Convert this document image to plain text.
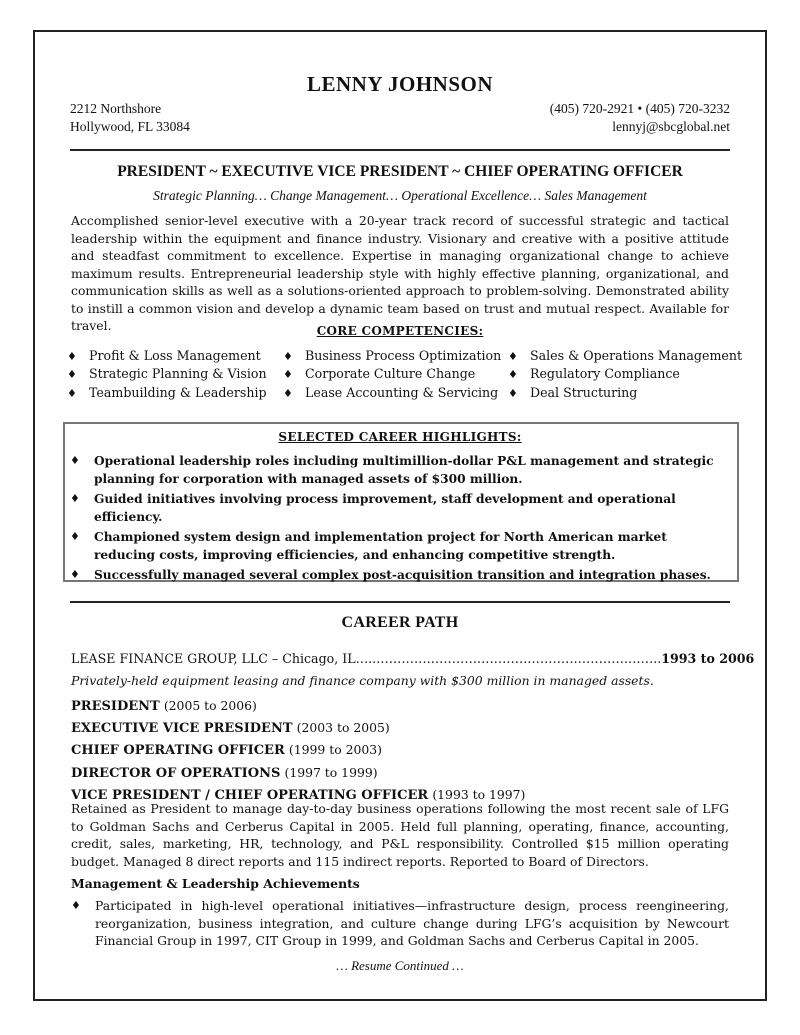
LENNY JOHNSON
2212 Northshore
Hollywood, FL 33084
(405) 720-2921 • (405) 720-3232
lennyj@sbcglobal.net
PRESIDENT ~ EXECUTIVE VICE PRESIDENT ~ CHIEF OPERATING OFFICER
Strategic Planning… Change Management… Operational Excellence… Sales Management
Accomplished senior-level executive with a 20-year track record of successful strategic and tactical leadership within the equipment and finance industry. Visionary and creative with a positive attitude and steadfast commitment to excellence. Expertise in managing organizational change to achieve maximum results. Entrepreneurial leadership style with highly effective planning, organizational, and communication skills as well as a solutions-oriented approach to problem-solving. Demonstrated ability to instill a common vision and develop a dynamic team based on trust and mutual respect. Available for travel.	CORE COMPETENCIES:
♦ Profit & Loss Management
♦ Strategic Planning & Vision
♦ Teambuilding & Leadership
♦ Business Process Optimization
♦ Corporate Culture Change
♦ Lease Accounting & Servicing
♦ Sales & Operations Management
♦ Regulatory Compliance
♦ Deal Structuring
SELECTED CAREER HIGHLIGHTS:
♦	Operational leadership roles including multimillion-dollar P&L management and strategic planning for corporation with managed assets of $300 million.
♦	Guided initiatives involving process improvement, staff development and operational efficiency.
♦	Championed system design and implementation project for North American market reducing costs, improving efficiencies, and enhancing competitive strength.
♦	Successfully managed several complex post-acquisition transition and integration phases.
CAREER PATH
LEASE FINANCE GROUP, LLC – Chicago, IL…..…………………………………………………………..1993 to 2006
Privately-held equipment leasing and finance company with $300 million in managed assets.
PRESIDENT (2005 to 2006)
EXECUTIVE VICE PRESIDENT (2003 to 2005)
CHIEF OPERATING OFFICER (1999 to 2003)
DIRECTOR OF OPERATIONS (1997 to 1999)
VICE PRESIDENT / CHIEF OPERATING OFFICER (1993 to 1997)
Retained as President to manage day-to-day business operations following the most recent sale of LFG to Goldman Sachs and Cerberus Capital in 2005. Held full planning, operating, finance, accounting, credit, sales, marketing, HR, technology, and P&L responsibility. Controlled $15 million operating budget. Managed 8 direct reports and 115 indirect reports. Reported to Board of Directors.
Management & Leadership Achievements
♦	Participated in high-level operational initiatives—infrastructure design, process reengineering, reorganization, business integration, and culture change during LFG’s acquisition by Newcourt Financial Group in 1997, CIT Group in 1999, and Goldman Sachs and Cerberus Capital in 2005.
… Resume Continued …
